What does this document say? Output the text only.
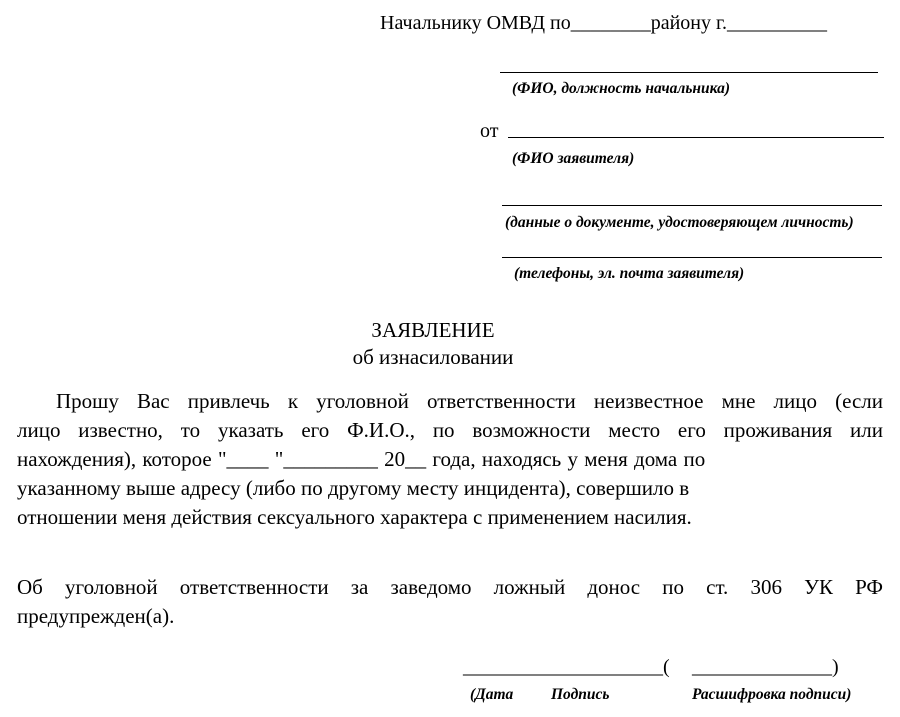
Начальнику ОМВД по________району г.__________
(ФИО, должность начальника)
от
(ФИО заявителя)
(данные о документе, удостоверяющем личность)
(телефоны, эл. почта заявителя)
ЗАЯВЛЕНИЕ
об изнасиловании
Прошу Вас привлечь к уголовной ответственности неизвестное мне лицо (если
лицо известно, то указать его Ф.И.О., по возможности место его проживания или
нахождения), которое "____ "_________ 20__ года, находясь у меня дома по
указанному выше адресу (либо по другому месту инцидента), совершило в
отношении меня действия сексуального характера с применением насилия.
Об уголовной ответственности за заведомо ложный донос по ст. 306 УК РФ
предупрежден(а).
____________________( ______________)
(Дата Подпись	Расшифровка подписи)
